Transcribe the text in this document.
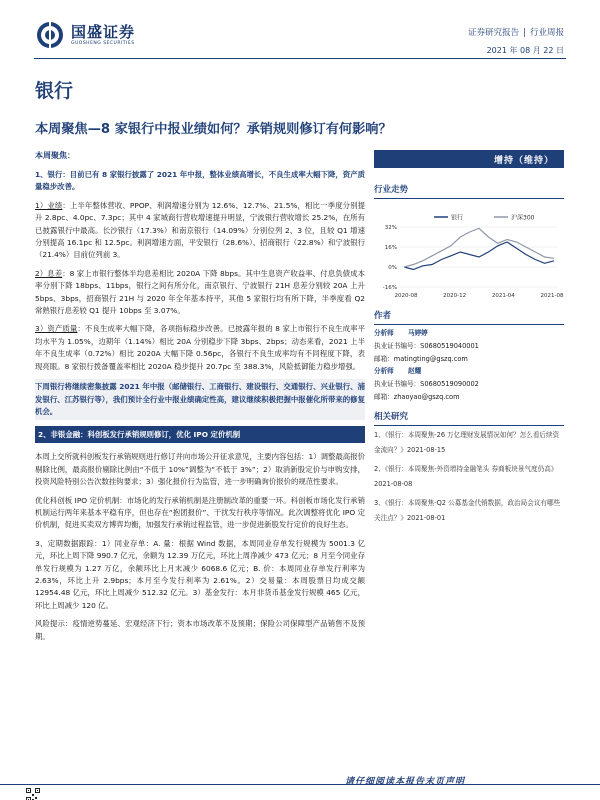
国盛证券
GUOSHENG SECURITIES
证券研究报告 | 行业周报
2021 年 08 月 22 日
银行
本周聚焦—8 家银行中报业绩如何？承销规则修订有何影响？
本周聚焦：
1、银行：目前已有 8 家银行披露了 2021 年中报，整体业绩高增长，不良生成率大幅下降，资产质量稳步改善。
1）业绩：上半年整体营收、PPOP、利润增速分别为 12.6%、12.7%、21.5%，相比一季度分别提升 2.8pc、4.0pc、7.3pc；其中 4 家城商行营收增速提升明显，宁波银行营收增长 25.2%，在所有已披露银行中最高。长沙银行（17.3%）和南京银行（14.09%）分别位列 2、3 位，且较 Q1 增速分别提高 16.1pc 和 12.5pc。利润增速方面，平安银行（28.6%）、招商银行（22.8%）和宁波银行（21.4%）目前位列前 3。
2）息差：8 家上市银行整体半均息差相比 2020A 下降 8bps。其中生息资产收益率、付息负债成本率分别下降 18bps、11bps，银行之间有所分化，南京银行、宁波银行 21H 息差分别较 20A 上升 5bps、3bps，招商银行 21H 与 2020 年全年基本持平，其他 5 家银行均有所下降，半季度看 Q2 常熟银行息差较 Q1 提升 10bps 至 3.07%。
3）资产质量：不良生成率大幅下降，各项指标稳步改善。已披露年报的 8 家上市银行不良生成率平均水平为 1.05%，边期年（1.14%）相比 20A 分别稳步下降 3bps、2bps；动态来看，2021 上半年不良生成率（0.72%）相比 2020A 大幅下降 0.56pc，各银行不良生成率均有不同程度下降，表现亮眼。8 家银行拨备覆盖率相比 2020A 稳步提升 20.7pc 至 388.3%，风险抵御能力稳步增强。
下周银行将继续密集披露 2021 年中报（邮储银行、工商银行、建设银行、交通银行、兴业银行、浦发银行、江苏银行等），我们预计全行业中报业绩确定性高，建议继续积极把握中报催化所带来的修复机会。
2、非银金融：科创板发行承销规则修订，优化 IPO 定价机制
本周上交所就科创板发行承销规则进行修订并向市场公开征求意见，主要内容包括：1）调整最高报价剔除比例，最高报价剔除比例由“不低于 10%”调整为“不低于 3%”；2）取消新股定价与申购安排，投资风险特别公告次数挂钩要求；3）强化报价行为监管，进一步明确询价报价的规范性要求。
优化科创板 IPO 定价机制：市场化的发行承销机制是注册制改革的重要一环。科创板市场化发行承销机制运行两年来基本平稳有序，但也存在“抱团报价”、干扰发行秩序等情况。此次调整将优化 IPO 定价机制，促进买卖双方博弈均衡，加强发行承销过程监管，进一步促进新股发行定价的良好生态。
3、定期数据跟踪：1）同业存单：A. 量：根据 Wind 数据，本周同业存单发行规模为 5001.3 亿元，环比上周下降 990.7 亿元，余额为 12.39 万亿元，环比上周净减少 473 亿元；8 月至今同业存单发行规模为 1.27 万亿，余额环比上月末减少 6068.6 亿元；B. 价：本周同业存单发行利率为 2.63%，环比上升 2.9bps；本月至今发行利率为 2.61%。2）交易量：本周股票日均成交额 12954.48 亿元，环比上周减少 512.32 亿元。3）基金发行：本月非货币基金发行规模 465 亿元，环比上周减少 120 亿。
风险提示：疫情逆势蔓延、宏观经济下行；资本市场改革不及预期；保险公司保障型产品销售不及预期。
增持（维持）
行业走势
银行	沪深300
32%
16%
0%
-16%
2020-08	2020-12	2021-04	2021-08
作者
分析师 马婷婷
执业证书编号：S0680519040001
邮箱：matingting@gszq.com
分析师 赵耀
执业证书编号：S0680519090002
邮箱：zhaoyao@gszq.com
相关研究
1、《银行：本周聚焦-26 万亿理财发展情况如何？怎么看后续资金流向？》2021-08-15
2、《银行：本周聚焦-外资增持金融笔头 券商板块景气度仍高》2021-08-08
3、《银行：本周聚焦-Q2 公募基金代销数据，政治局会议有哪些关注点？》2021-08-01
请仔细阅读本报告末页声明
